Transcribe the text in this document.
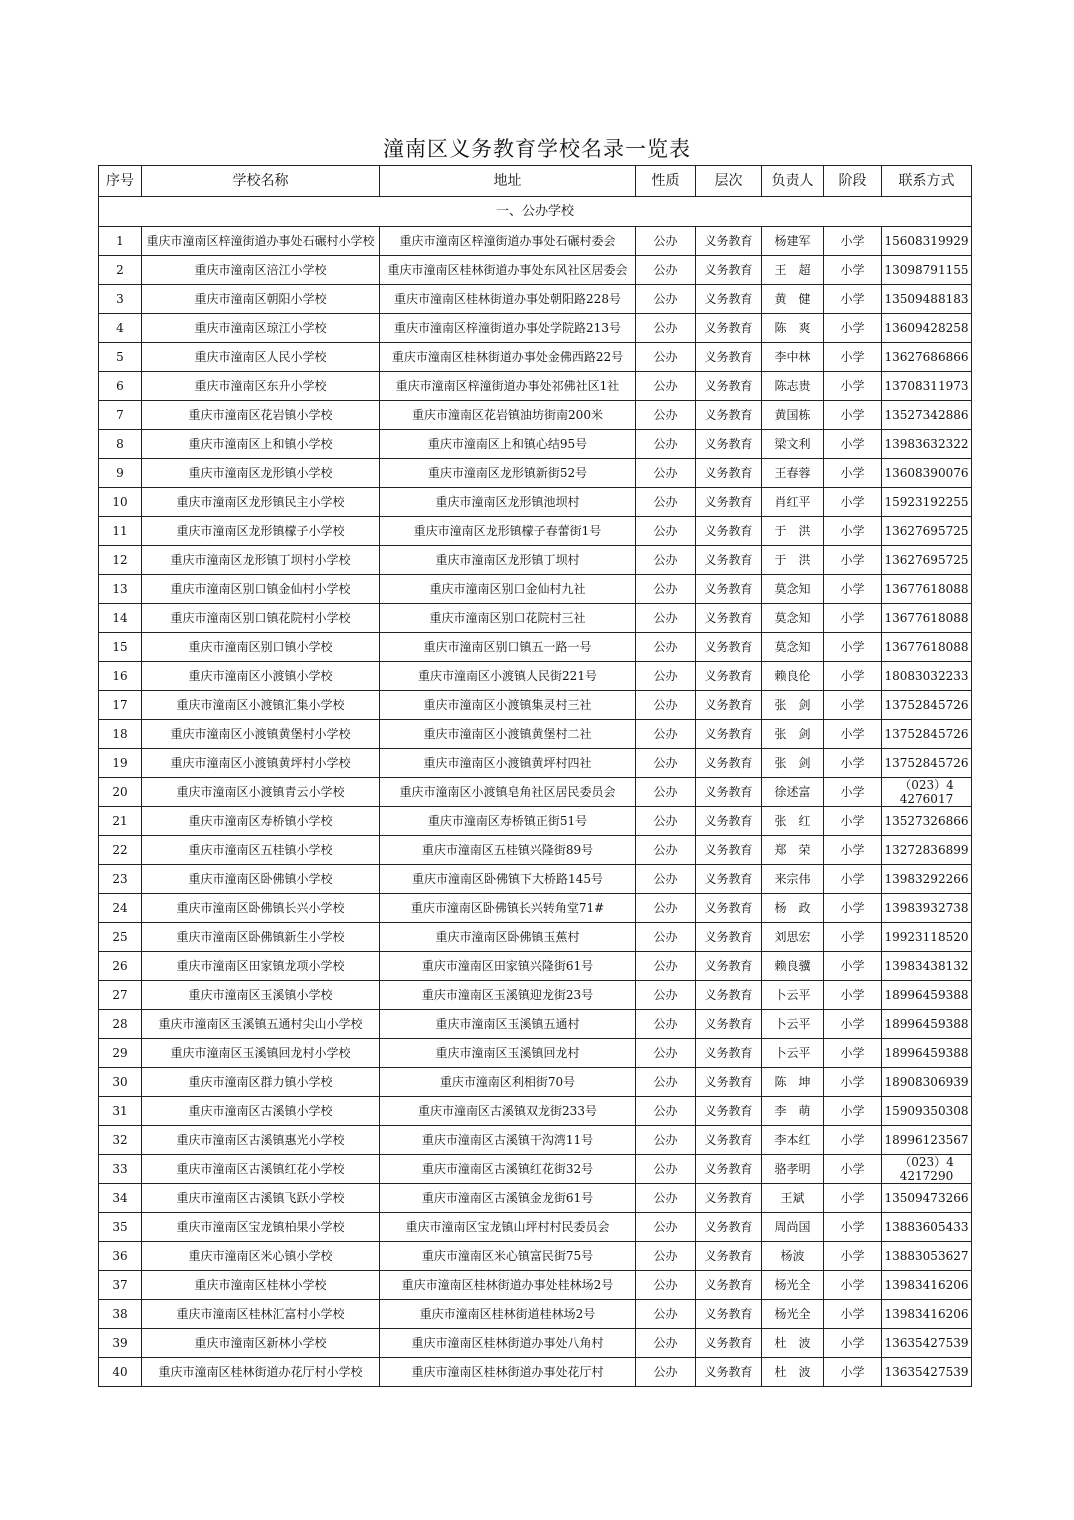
潼南区义务教育学校名录一览表
序号	学校名称	地址	性质	层次	负责人	阶段	联系方式
一、公办学校							
1	重庆市潼南区梓潼街道办事处石碾村小学校	重庆市潼南区梓潼街道办事处石碾村委会	公办	义务教育	杨建军	小学	15608319929
2	重庆市潼南区涪江小学校	重庆市潼南区桂林街道办事处东风社区居委会	公办	义务教育	王　超	小学	13098791155
3	重庆市潼南区朝阳小学校	重庆市潼南区桂林街道办事处朝阳路228号	公办	义务教育	黄　健	小学	13509488183
4	重庆市潼南区琼江小学校	重庆市潼南区梓潼街道办事处学院路213号	公办	义务教育	陈　爽	小学	13609428258
5	重庆市潼南区人民小学校	重庆市潼南区桂林街道办事处金佛西路22号	公办	义务教育	李中林	小学	13627686866
6	重庆市潼南区东升小学校	重庆市潼南区梓潼街道办事处祁佛社区1社	公办	义务教育	陈志贵	小学	13708311973
7	重庆市潼南区花岩镇小学校	重庆市潼南区花岩镇油坊街南200米	公办	义务教育	黄国栋	小学	13527342886
8	重庆市潼南区上和镇小学校	重庆市潼南区上和镇心结95号	公办	义务教育	梁文利	小学	13983632322
9	重庆市潼南区龙形镇小学校	重庆市潼南区龙形镇新街52号	公办	义务教育	王春蓉	小学	13608390076
10	重庆市潼南区龙形镇民主小学校	重庆市潼南区龙形镇池坝村	公办	义务教育	肖红平	小学	15923192255
11	重庆市潼南区龙形镇檬子小学校	重庆市潼南区龙形镇檬子春蕾街1号	公办	义务教育	于　洪	小学	13627695725
12	重庆市潼南区龙形镇丁坝村小学校	重庆市潼南区龙形镇丁坝村	公办	义务教育	于　洪	小学	13627695725
13	重庆市潼南区别口镇金仙村小学校	重庆市潼南区别口金仙村九社	公办	义务教育	莫念知	小学	13677618088
14	重庆市潼南区别口镇花院村小学校	重庆市潼南区别口花院村三社	公办	义务教育	莫念知	小学	13677618088
15	重庆市潼南区别口镇小学校	重庆市潼南区别口镇五一路一号	公办	义务教育	莫念知	小学	13677618088
16	重庆市潼南区小渡镇小学校	重庆市潼南区小渡镇人民街221号	公办	义务教育	赖良伦	小学	18083032233
17	重庆市潼南区小渡镇汇集小学校	重庆市潼南区小渡镇集灵村三社	公办	义务教育	张　剑	小学	13752845726
18	重庆市潼南区小渡镇黄堡村小学校	重庆市潼南区小渡镇黄堡村二社	公办	义务教育	张　剑	小学	13752845726
19	重庆市潼南区小渡镇黄坪村小学校	重庆市潼南区小渡镇黄坪村四社	公办	义务教育	张　剑	小学	13752845726
20	重庆市潼南区小渡镇青云小学校	重庆市潼南区小渡镇皂角社区居民委员会	公办	义务教育	徐述富	小学	（023）44276017

21	重庆市潼南区寿桥镇小学校	重庆市潼南区寿桥镇正街51号	公办	义务教育	张　红	小学	13527326866
22	重庆市潼南区五桂镇小学校	重庆市潼南区五桂镇兴隆街89号	公办	义务教育	郑　荣	小学	13272836899
23	重庆市潼南区卧佛镇小学校	重庆市潼南区卧佛镇下大桥路145号	公办	义务教育	来宗伟	小学	13983292266
24	重庆市潼南区卧佛镇长兴小学校	重庆市潼南区卧佛镇长兴转角堂71#	公办	义务教育	杨　政	小学	13983932738
25	重庆市潼南区卧佛镇新生小学校	重庆市潼南区卧佛镇玉蕉村	公办	义务教育	刘思宏	小学	19923118520
26	重庆市潼南区田家镇龙项小学校	重庆市潼南区田家镇兴隆街61号	公办	义务教育	赖良骥	小学	13983438132
27	重庆市潼南区玉溪镇小学校	重庆市潼南区玉溪镇迎龙街23号	公办	义务教育	卜云平	小学	18996459388
28	重庆市潼南区玉溪镇五通村尖山小学校	重庆市潼南区玉溪镇五通村	公办	义务教育	卜云平	小学	18996459388
29	重庆市潼南区玉溪镇回龙村小学校	重庆市潼南区玉溪镇回龙村	公办	义务教育	卜云平	小学	18996459388
30	重庆市潼南区群力镇小学校	重庆市潼南区利相街70号	公办	义务教育	陈　坤	小学	18908306939
31	重庆市潼南区古溪镇小学校	重庆市潼南区古溪镇双龙街233号	公办	义务教育	李　萌	小学	15909350308
32	重庆市潼南区古溪镇惠光小学校	重庆市潼南区古溪镇干沟湾11号	公办	义务教育	李本红	小学	18996123567
33	重庆市潼南区古溪镇红花小学校	重庆市潼南区古溪镇红花街32号	公办	义务教育	骆孝明	小学	（023）44217290

34	重庆市潼南区古溪镇飞跃小学校	重庆市潼南区古溪镇金龙街61号	公办	义务教育	王斌	小学	13509473266
35	重庆市潼南区宝龙镇柏果小学校	重庆市潼南区宝龙镇山坪村村民委员会	公办	义务教育	周尚国	小学	13883605433
36	重庆市潼南区米心镇小学校	重庆市潼南区米心镇富民街75号	公办	义务教育	杨波	小学	13883053627
37	重庆市潼南区桂林小学校	重庆市潼南区桂林街道办事处桂林场2号	公办	义务教育	杨光全	小学	13983416206
38	重庆市潼南区桂林汇富村小学校	重庆市潼南区桂林街道桂林场2号	公办	义务教育	杨光全	小学	13983416206
39	重庆市潼南区新林小学校	重庆市潼南区桂林街道办事处八角村	公办	义务教育	杜　波	小学	13635427539
40	重庆市潼南区桂林街道办花厅村小学校	重庆市潼南区桂林街道办事处花厅村	公办	义务教育	杜　波	小学	13635427539
